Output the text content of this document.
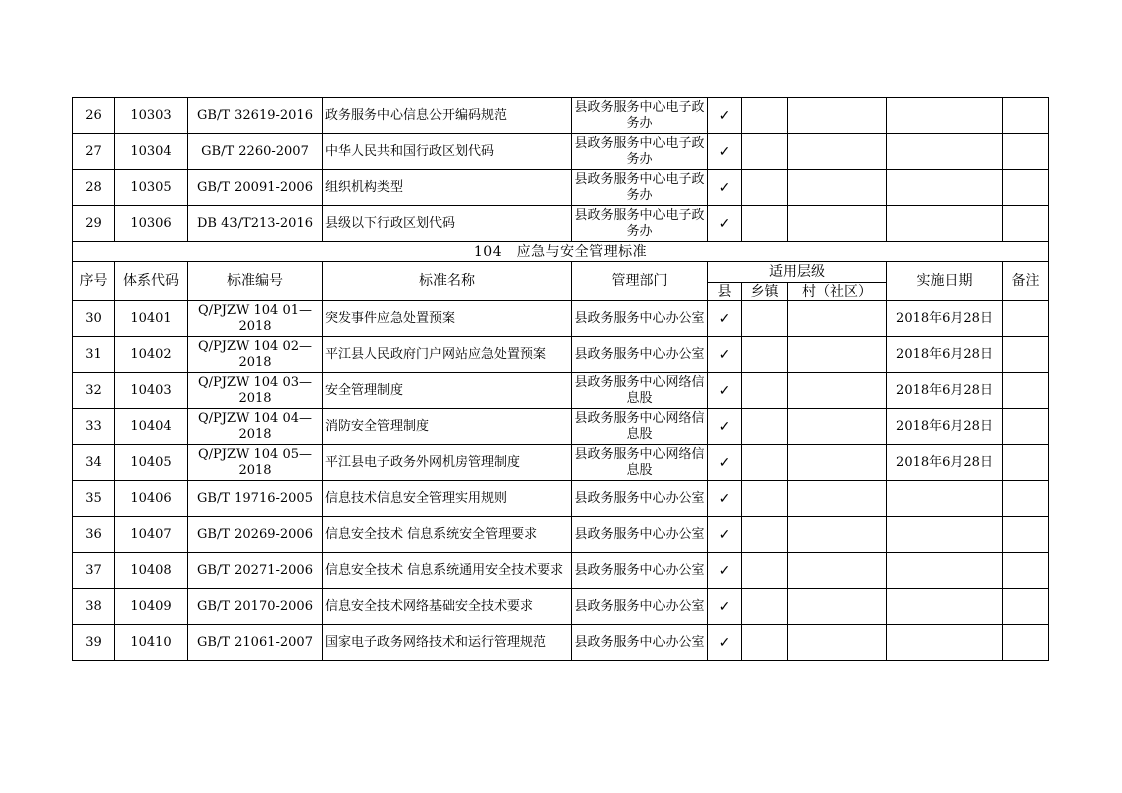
26	10303	GB/T 32619-2016	政务服务中心信息公开编码规范	县政务服务中心电子政务办	✓				
27	10304	GB/T 2260-2007	中华人民共和国行政区划代码	县政务服务中心电子政务办	✓				
28	10305	GB/T 20091-2006	组织机构类型	县政务服务中心电子政务办	✓				
29	10306	DB 43/T213-2016	县级以下行政区划代码	县政务服务中心电子政务办	✓				
104　应急与安全管理标准									
序号	体系代码	标准编号	标准名称	管理部门	适用层级			实施日期	备注
					县	乡镇	村（社区）		
30	10401	Q/PJZW 104 01—2018	突发事件应急处置预案	县政务服务中心办公室	✓			2018年6月28日	
31	10402	Q/PJZW 104 02—2018	平江县人民政府门户网站应急处置预案	县政务服务中心办公室	✓			2018年6月28日	
32	10403	Q/PJZW 104 03—2018	安全管理制度	县政务服务中心网络信息股	✓			2018年6月28日	
33	10404	Q/PJZW 104 04—2018	消防安全管理制度	县政务服务中心网络信息股	✓			2018年6月28日	
34	10405	Q/PJZW 104 05—2018	平江县电子政务外网机房管理制度	县政务服务中心网络信息股	✓			2018年6月28日	
35	10406	GB/T 19716-2005	信息技术信息安全管理实用规则	县政务服务中心办公室	✓				
36	10407	GB/T 20269-2006	信息安全技术 信息系统安全管理要求	县政务服务中心办公室	✓				
37	10408	GB/T 20271-2006	信息安全技术 信息系统通用安全技术要求	县政务服务中心办公室	✓				
38	10409	GB/T 20170-2006	信息安全技术网络基础安全技术要求	县政务服务中心办公室	✓				
39	10410	GB/T 21061-2007	国家电子政务网络技术和运行管理规范	县政务服务中心办公室	✓				
